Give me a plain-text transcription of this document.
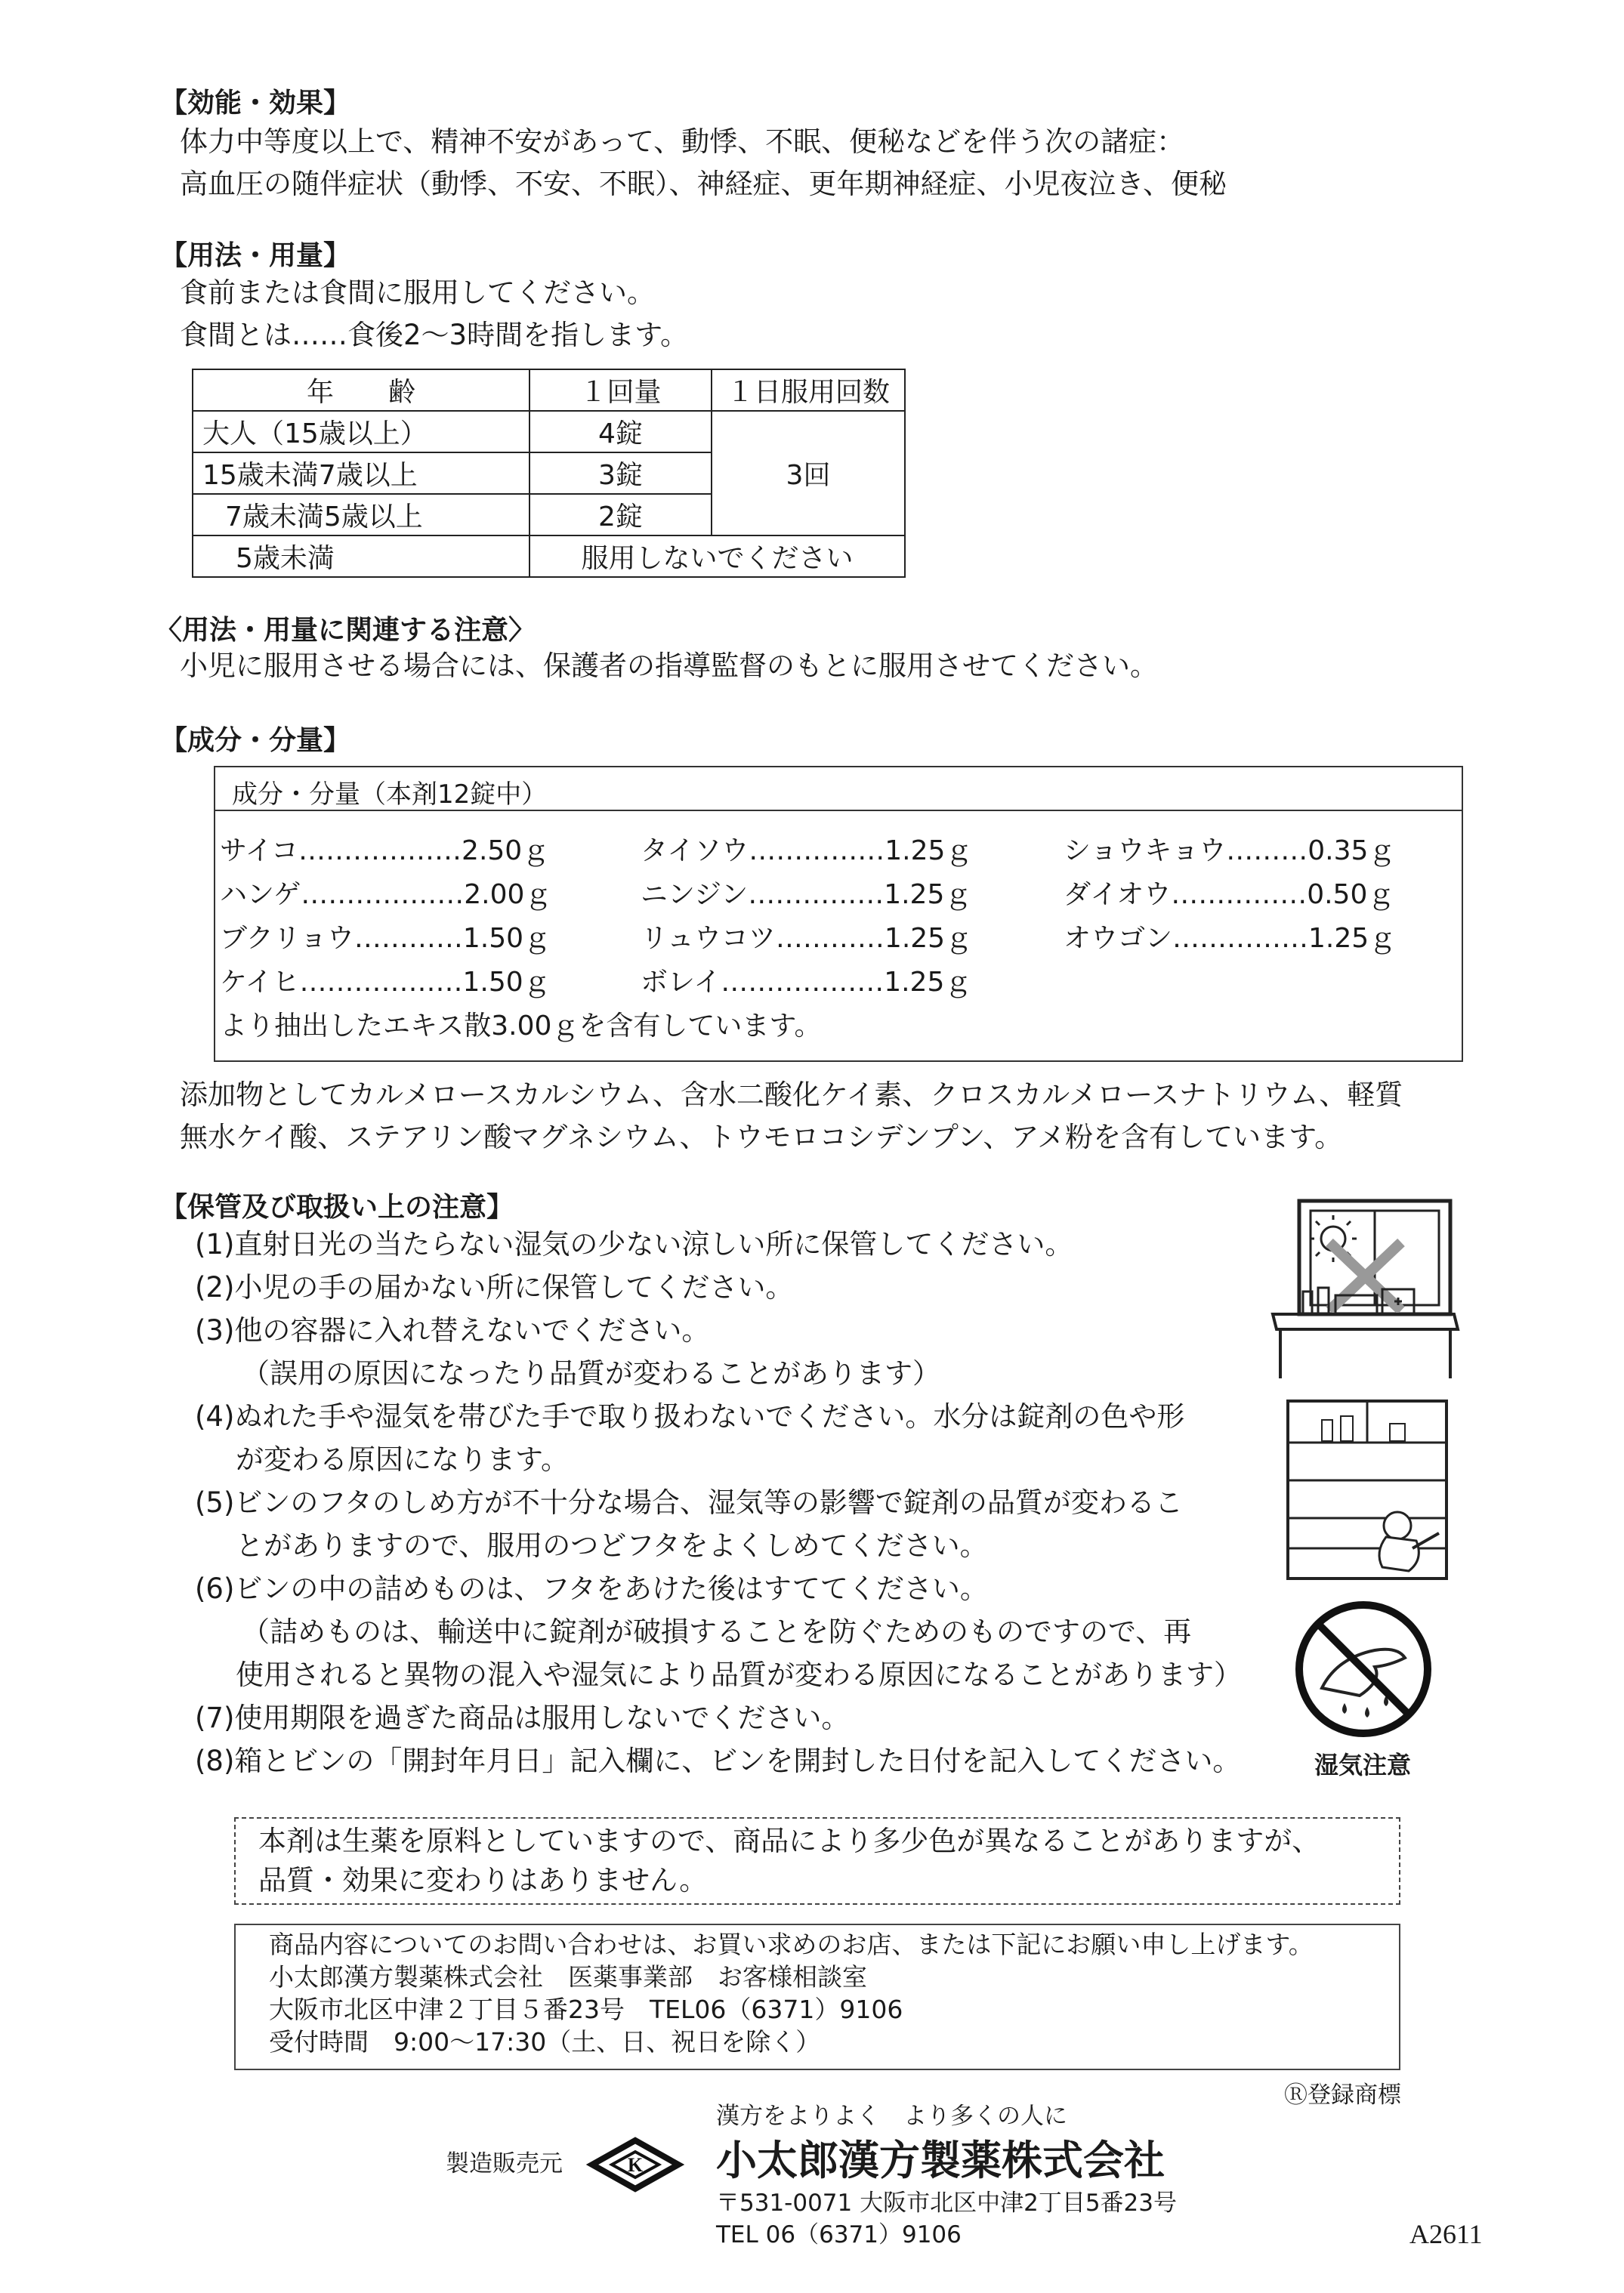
【効能・効果】
体力中等度以上で、精神不安があって、動悸、不眠、便秘などを伴う次の諸症：
高血圧の随伴症状（動悸、不安、不眠）、神経症、更年期神経症、小児夜泣き、便秘
【用法・用量】
食前または食間に服用してください。
食間とは……食後2〜3時間を指します。
年　　齢	１回量	１日服用回数
大人（15歳以上）	4錠	3回
15歳未満7歳以上	3錠	
7歳未満5歳以上	2錠	
5歳未満	服用しないでください	
〈用法・用量に関連する注意〉
小児に服用させる場合には、保護者の指導監督のもとに服用させてください。
【成分・分量】
成分・分量（本剤12錠中）
サイコ………………2.50ｇ	タイソウ……………1.25ｇ	ショウキョウ………0.35ｇ
ハンゲ………………2.00ｇ	ニンジン……………1.25ｇ	ダイオウ……………0.50ｇ
ブクリョウ…………1.50ｇ	リュウコツ…………1.25ｇ	オウゴン……………1.25ｇ
ケイヒ………………1.50ｇ	ボレイ………………1.25ｇ
より抽出したエキス散3.00ｇを含有しています。
添加物としてカルメロースカルシウム、含水二酸化ケイ素、クロスカルメロースナトリウム、軽質
無水ケイ酸、ステアリン酸マグネシウム、トウモロコシデンプン、アメ粉を含有しています。
【保管及び取扱い上の注意】
(1)直射日光の当たらない湿気の少ない涼しい所に保管してください。
(2)小児の手の届かない所に保管してください。
(3)他の容器に入れ替えないでください。
（誤用の原因になったり品質が変わることがあります）
(4)ぬれた手や湿気を帯びた手で取り扱わないでください。水分は錠剤の色や形
が変わる原因になります。
(5)ビンのフタのしめ方が不十分な場合、湿気等の影響で錠剤の品質が変わるこ
とがありますので、服用のつどフタをよくしめてください。
(6)ビンの中の詰めものは、フタをあけた後はすててください。
（詰めものは、輸送中に錠剤が破損することを防ぐためのものですので、再
使用されると異物の混入や湿気により品質が変わる原因になることがあります）
(7)使用期限を過ぎた商品は服用しないでください。
(8)箱とビンの「開封年月日」記入欄に、ビンを開封した日付を記入してください。	湿気注意
本剤は生薬を原料としていますので、商品により多少色が異なることがありますが、
品質・効果に変わりはありません。
商品内容についてのお問い合わせは、お買い求めのお店、または下記にお願い申し上げます。
小太郎漢方製薬株式会社　医薬事業部　お客様相談室
大阪市北区中津２丁目５番23号　TEL06（6371）9106
受付時間　9:00〜17:30（土、日、祝日を除く）
Ⓡ登録商標
漢方をよりよく　より多くの人に
製造販売元	K 小太郎漢方製薬株式会社
〒531-0071 大阪市北区中津2丁目5番23号
TEL 06（6371）9106	A2611
